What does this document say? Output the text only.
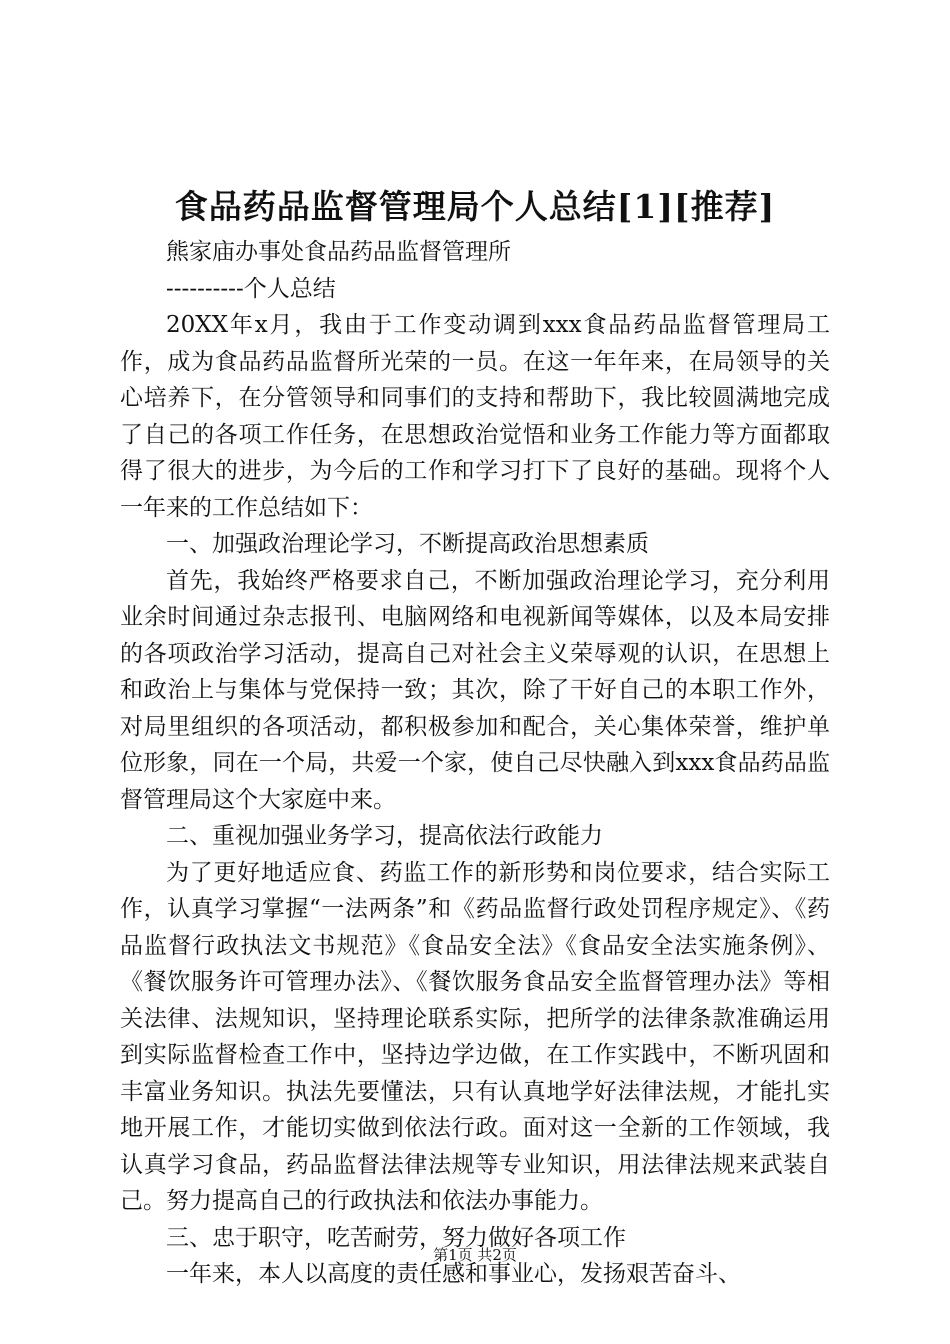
食品药品监督管理局个人总结[1][推荐]

熊家庙办事处食品药品监督管理所

----------个人总结

20XX年x月，我由于工作变动调到xxx食品药品监督管理局工作，成为食品药品监督所光荣的一员。在这一年年来，在局领导的关心培养下，在分管领导和同事们的支持和帮助下，我比较圆满地完成了自己的各项工作任务，在思想政治觉悟和业务工作能力等方面都取得了很大的进步，为今后的工作和学习打下了良好的基础。现将个人一年来的工作总结如下：

一、加强政治理论学习，不断提高政治思想素质

首先，我始终严格要求自己，不断加强政治理论学习，充分利用业余时间通过杂志报刊、电脑网络和电视新闻等媒体，以及本局安排的各项政治学习活动，提高自己对社会主义荣辱观的认识，在思想上和政治上与集体与党保持一致；其次，除了干好自己的本职工作外，对局里组织的各项活动，都积极参加和配合，关心集体荣誉，维护单位形象，同在一个局，共爱一个家，使自己尽快融入到xxx食品药品监督管理局这个大家庭中来。

二、重视加强业务学习，提高依法行政能力

为了更好地适应食、药监工作的新形势和岗位要求，结合实际工作，认真学习掌握“一法两条”和《药品监督行政处罚程序规定》、《药品监督行政执法文书规范》《食品安全法》《食品安全法实施条例》、《餐饮服务许可管理办法》、《餐饮服务食品安全监督管理办法》等相关法律、法规知识，坚持理论联系实际，把所学的法律条款准确运用到实际监督检查工作中，坚持边学边做，在工作实践中，不断巩固和丰富业务知识。执法先要懂法，只有认真地学好法律法规，才能扎实地开展工作，才能切实做到依法行政。面对这一全新的工作领域，我认真学习食品，药品监督法律法规等专业知识，用法律法规来武装自己。努力提高自己的行政执法和依法办事能力。

三、忠于职守，吃苦耐劳，努力做好各项工作

一年来，本人以高度的责任感和事业心，发扬艰苦奋斗、

第1页 共2页
